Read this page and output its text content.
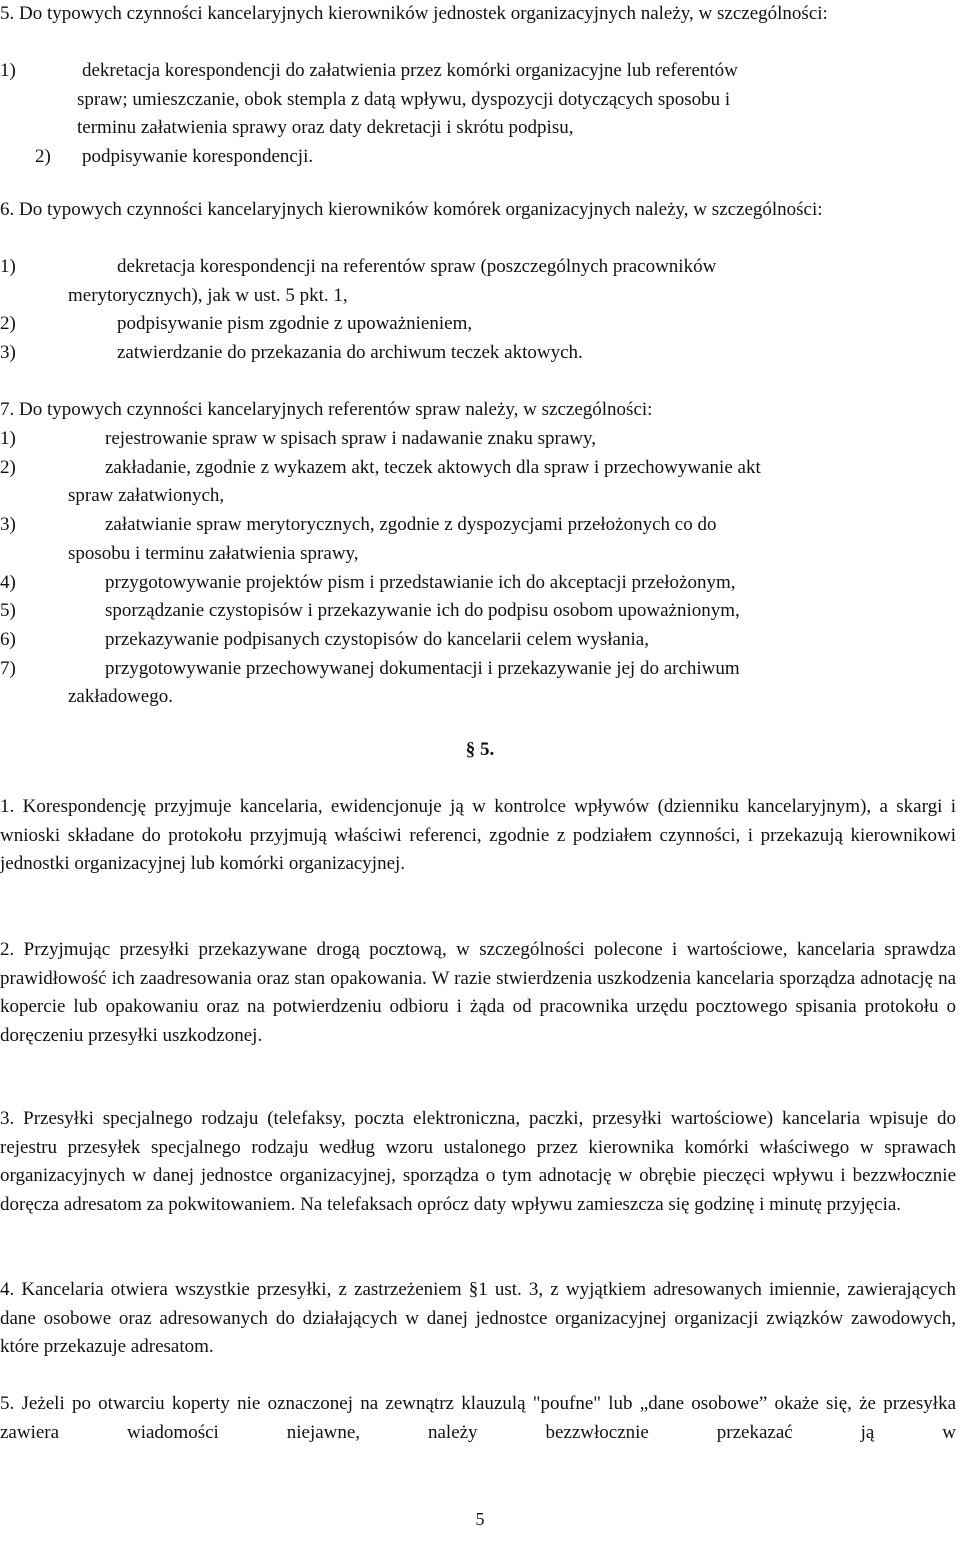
5. Do typowych czynności kancelaryjnych kierowników jednostek organizacyjnych należy, w szczególności:
1)	dekretacja korespondencji do załatwienia przez komórki organizacyjne lub referentów
spraw; umieszczanie, obok stempla z datą wpływu, dyspozycji dotyczących sposobu i
terminu załatwienia sprawy oraz daty dekretacji i skrótu podpisu,
2) podpisywanie korespondencji.
6. Do typowych czynności kancelaryjnych kierowników komórek organizacyjnych należy, w szczególności:
1)	dekretacja korespondencji na referentów spraw (poszczególnych pracowników
merytorycznych), jak w ust. 5 pkt. 1,
2)	podpisywanie pism zgodnie z upoważnieniem,
3)	zatwierdzanie do przekazania do archiwum teczek aktowych.
7. Do typowych czynności kancelaryjnych referentów spraw należy, w szczególności:
1)	rejestrowanie spraw w spisach spraw i nadawanie znaku sprawy,
2)	zakładanie, zgodnie z wykazem akt, teczek aktowych dla spraw i przechowywanie akt
spraw załatwionych,
3)	załatwianie spraw merytorycznych, zgodnie z dyspozycjami przełożonych co do
sposobu i terminu załatwienia sprawy,
4)	przygotowywanie projektów pism i przedstawianie ich do akceptacji przełożonym,
5)	sporządzanie czystopisów i przekazywanie ich do podpisu osobom upoważnionym,
6)	przekazywanie podpisanych czystopisów do kancelarii celem wysłania,
7)	przygotowywanie przechowywanej dokumentacji i przekazywanie jej do archiwum
zakładowego.
§ 5.
1. Korespondencję przyjmuje kancelaria, ewidencjonuje ją w kontrolce wpływów (dzienniku kancelaryjnym), a skargi i wnioski składane do protokołu przyjmują właściwi referenci, zgodnie z podziałem czynności, i przekazują kierownikowi jednostki organizacyjnej lub komórki organizacyjnej.
2. Przyjmując przesyłki przekazywane drogą pocztową, w szczególności polecone i wartościowe, kancelaria sprawdza prawidłowość ich zaadresowania oraz stan opakowania. W razie stwierdzenia uszkodzenia kancelaria sporządza adnotację na kopercie lub opakowaniu oraz na potwierdzeniu odbioru i żąda od pracownika urzędu pocztowego spisania protokołu o doręczeniu przesyłki uszkodzonej.
3. Przesyłki specjalnego rodzaju (telefaksy, poczta elektroniczna, paczki, przesyłki wartościowe) kancelaria wpisuje do rejestru przesyłek specjalnego rodzaju według wzoru ustalonego przez kierownika komórki właściwego w sprawach organizacyjnych w danej jednostce organizacyjnej, sporządza o tym adnotację w obrębie pieczęci wpływu i bezzwłocznie doręcza adresatom za pokwitowaniem. Na telefaksach oprócz daty wpływu zamieszcza się godzinę i minutę przyjęcia.
4. Kancelaria otwiera wszystkie przesyłki, z zastrzeżeniem §1 ust. 3, z wyjątkiem adresowanych imiennie, zawierających dane osobowe oraz adresowanych do działających w danej jednostce organizacyjnej organizacji związków zawodowych, które przekazuje adresatom.
5. Jeżeli po otwarciu koperty nie oznaczonej na zewnątrz klauzulą "poufne" lub „dane osobowe” okaże się, że przesyłka zawiera wiadomości niejawne, należy bezzwłocznie przekazać ją w
5
